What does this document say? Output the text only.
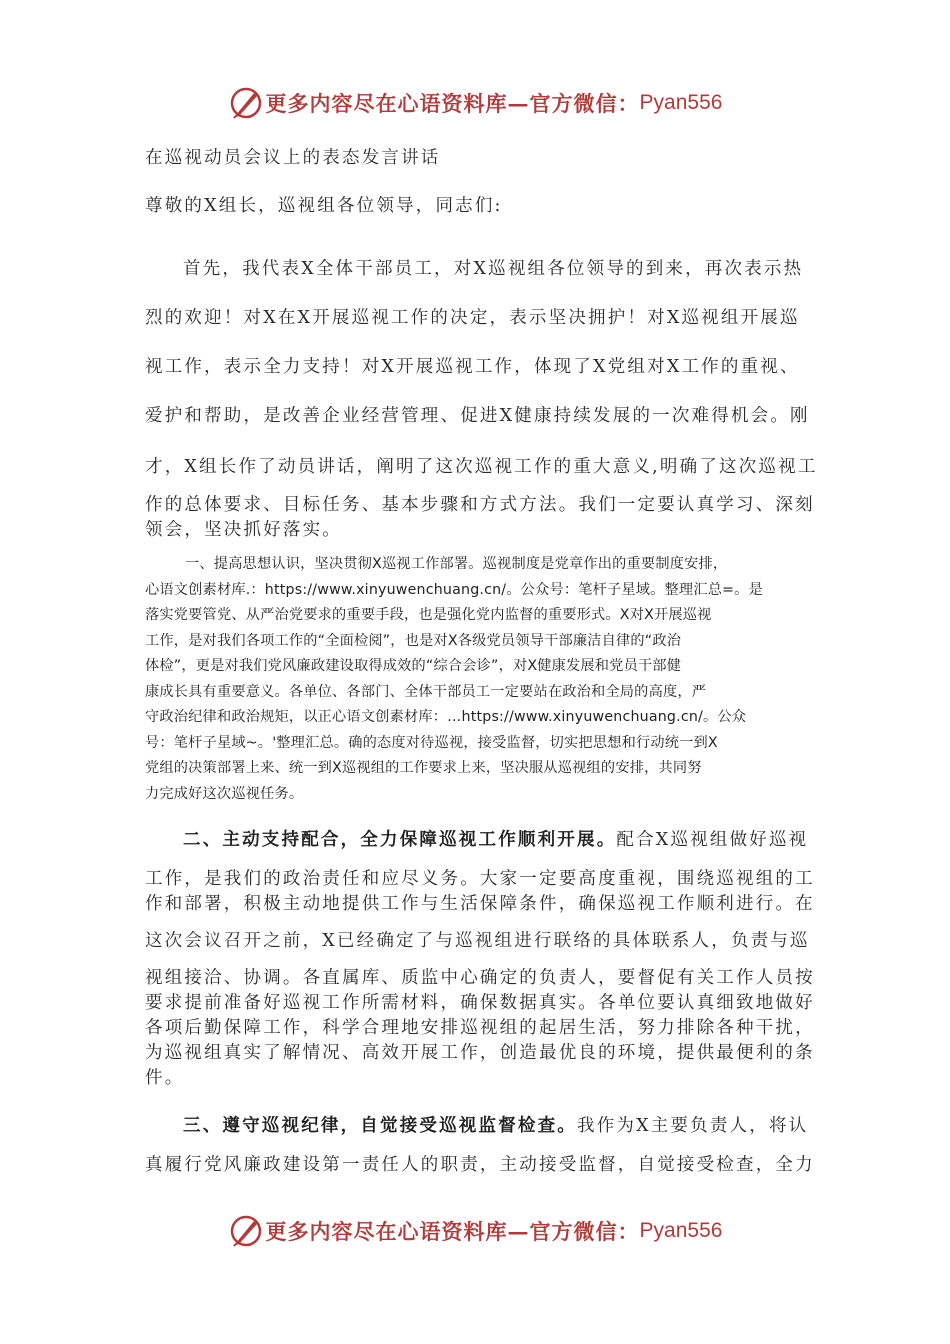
更多内容尽在心语资料库—官方微信： Pyan556
在巡视动员会议上的表态发言讲话
尊敬的X组长，巡视组各位领导，同志们:
首先，我代表X全体干部员工，对X巡视组各位领导的到来，再次表示热
烈的欢迎！对X在X开展巡视工作的决定，表示坚决拥护！对X巡视组开展巡
视工作，表示全力支持！对X开展巡视工作，体现了X党组对X工作的重视、
爱护和帮助，是改善企业经营管理、促进X健康持续发展的一次难得机会。刚
才，X组长作了动员讲话，阐明了这次巡视工作的重大意义,明确了这次巡视工
作的总体要求、目标任务、基本步骤和方式方法。我们一定要认真学习、深刻
领会，坚决抓好落实。
一、提高思想认识，坚决贯彻X巡视工作部署。巡视制度是党章作出的重要制度安排，
心语文创素材库.：https://www.xinyuwenchuang.cn/。公众号：笔杆子星域。整理汇总=。是
落实党要管党、从严治党要求的重要手段，也是强化党内监督的重要形式。X对X开展巡视
工作，是对我们各项工作的“全面检阅”，也是对X各级党员领导干部廉洁自律的“政治
体检”，更是对我们党风廉政建设取得成效的“综合会诊”，对X健康发展和党员干部健
康成长具有重要意义。各单位、各部门、全体干部员工一定要站在政治和全局的高度，严
守政治纪律和政治规矩，以正心语文创素材库：…https://www.xinyuwenchuang.cn/。公众
号：笔杆子星域~。'整理汇总。确的态度对待巡视，接受监督，切实把思想和行动统一到X
党组的决策部署上来、统一到X巡视组的工作要求上来，坚决服从巡视组的安排，共同努
力完成好这次巡视任务。
二、主动支持配合，全力保障巡视工作顺利开展。配合X巡视组做好巡视
工作，是我们的政治责任和应尽义务。大家一定要高度重视，围绕巡视组的工
作和部署，积极主动地提供工作与生活保障条件，确保巡视工作顺利进行。在
这次会议召开之前，X已经确定了与巡视组进行联络的具体联系人，负责与巡
视组接洽、协调。各直属库、质监中心确定的负责人，要督促有关工作人员按
要求提前准备好巡视工作所需材料，确保数据真实。各单位要认真细致地做好
各项后勤保障工作，科学合理地安排巡视组的起居生活，努力排除各种干扰，
为巡视组真实了解情况、高效开展工作，创造最优良的环境，提供最便利的条
件。
三、遵守巡视纪律，自觉接受巡视监督检查。我作为X主要负责人，将认
真履行党风廉政建设第一责任人的职责，主动接受监督，自觉接受检查，全力
更多内容尽在心语资料库—官方微信： Pyan556
